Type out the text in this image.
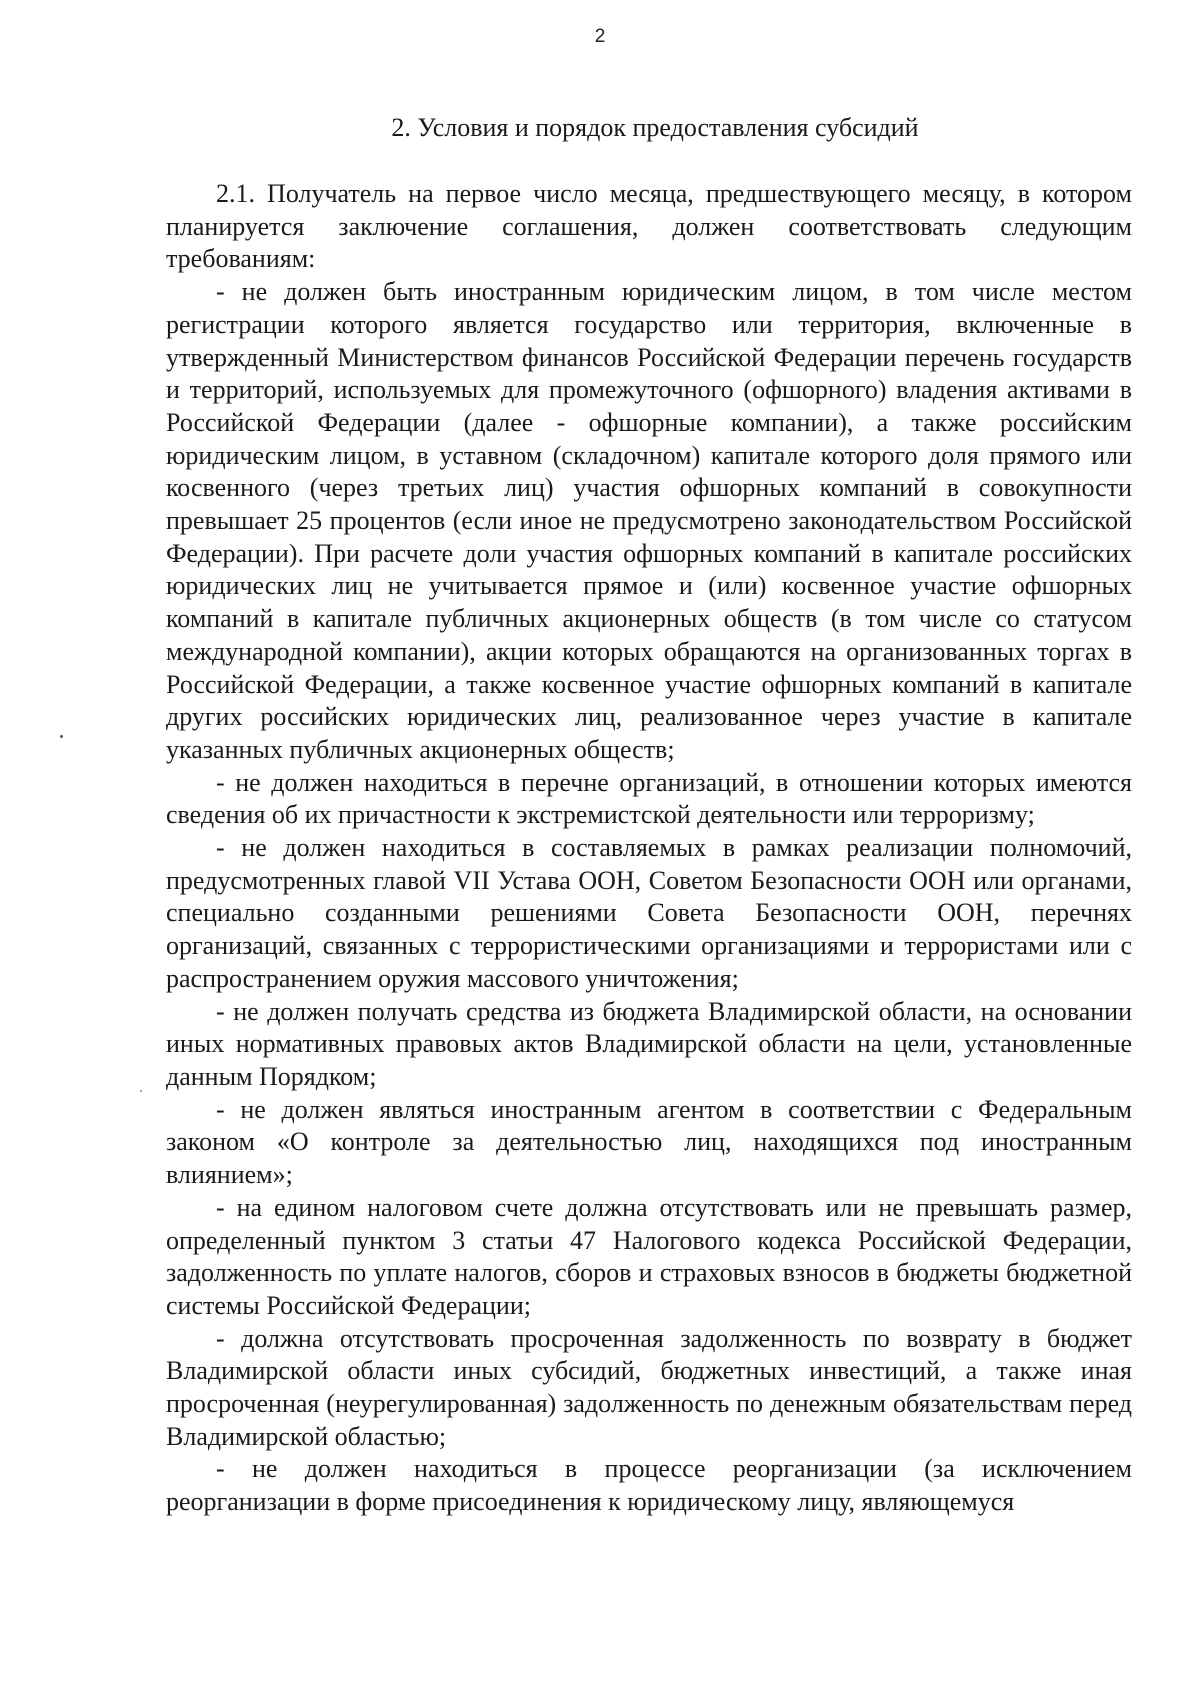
2
2. Условия и порядок предоставления субсидий

2.1. Получатель на первое число месяца, предшествующего месяцу, в котором планируется заключение соглашения, должен соответствовать следующим требованиям:

- не должен быть иностранным юридическим лицом, в том числе местом регистрации которого является государство или территория, включенные в утвержденный Министерством финансов Российской Федерации перечень государств и территорий, используемых для промежуточного (офшорного) владения активами в Российской Федерации (далее - офшорные компании), а также российским юридическим лицом, в уставном (складочном) капитале которого доля прямого или косвенного (через третьих лиц) участия офшорных компаний в совокупности превышает 25 процентов (если иное не предусмотрено законодательством Российской Федерации). При расчете доли участия офшорных компаний в капитале российских юридических лиц не учитывается прямое и (или) косвенное участие офшорных компаний в капитале публичных акционерных обществ (в том числе со статусом международной компании), акции которых обращаются на организованных торгах в Российской Федерации, а также косвенное участие офшорных компаний в капитале других российских юридических лиц, реализованное через участие в капитале указанных публичных акционерных обществ;

- не должен находиться в перечне организаций, в отношении которых имеются сведения об их причастности к экстремистской деятельности или терроризму;

- не должен находиться в составляемых в рамках реализации полномочий, предусмотренных главой VII Устава ООН, Советом Безопасности ООН или органами, специально созданными решениями Совета Безопасности ООН, перечнях организаций, связанных с террористическими организациями и террористами или с распространением оружия массового уничтожения;

- не должен получать средства из бюджета Владимирской области, на основании иных нормативных правовых актов Владимирской области на цели, установленные данным Порядком;

- не должен являться иностранным агентом в соответствии с Федеральным законом «О контроле за деятельностью лиц, находящихся под иностранным влиянием»;

- на едином налоговом счете должна отсутствовать или не превышать размер, определенный пунктом 3 статьи 47 Налогового кодекса Российской Федерации, задолженность по уплате налогов, сборов и страховых взносов в бюджеты бюджетной системы Российской Федерации;

- должна отсутствовать просроченная задолженность по возврату в бюджет Владимирской области иных субсидий, бюджетных инвестиций, а также иная просроченная (неурегулированная) задолженность по денежным обязательствам перед Владимирской областью;

- не должен находиться в процессе реорганизации (за исключением реорганизации в форме присоединения к юридическому лицу, являющемуся
